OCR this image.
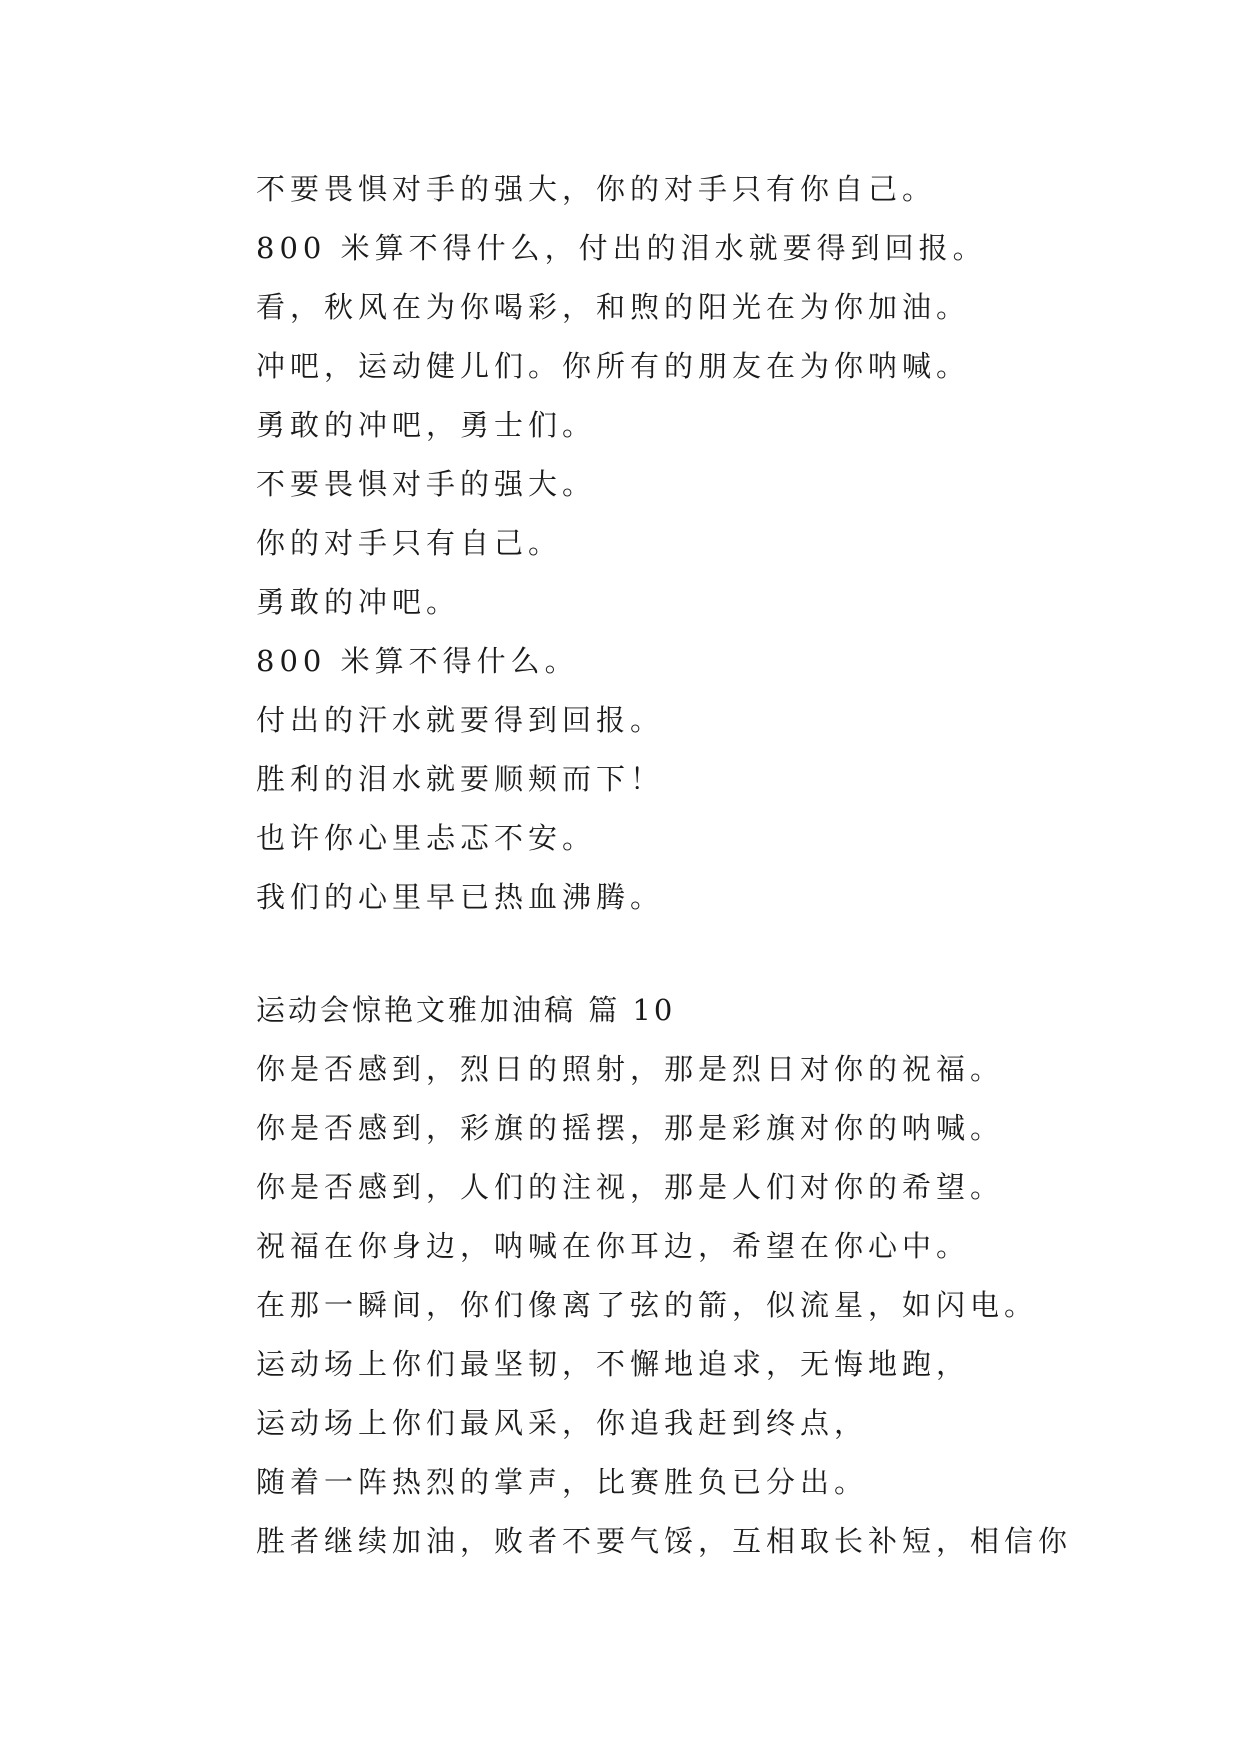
不要畏惧对手的强大，你的对手只有你自己。
800 米算不得什么，付出的泪水就要得到回报。
看，秋风在为你喝彩，和煦的阳光在为你加油。
冲吧，运动健儿们。你所有的朋友在为你呐喊。
勇敢的冲吧，勇士们。
不要畏惧对手的强大。
你的对手只有自己。
勇敢的冲吧。
800 米算不得什么。
付出的汗水就要得到回报。
胜利的泪水就要顺颊而下！
也许你心里忐忑不安。
我们的心里早已热血沸腾。
运动会惊艳文雅加油稿 篇 10
你是否感到，烈日的照射，那是烈日对你的祝福。
你是否感到，彩旗的摇摆，那是彩旗对你的呐喊。
你是否感到，人们的注视，那是人们对你的希望。
祝福在你身边，呐喊在你耳边，希望在你心中。
在那一瞬间，你们像离了弦的箭，似流星，如闪电。
运动场上你们最坚韧，不懈地追求，无悔地跑，
运动场上你们最风采，你追我赶到终点，
随着一阵热烈的掌声，比赛胜负已分出。
胜者继续加油，败者不要气馁，互相取长补短，相信你
